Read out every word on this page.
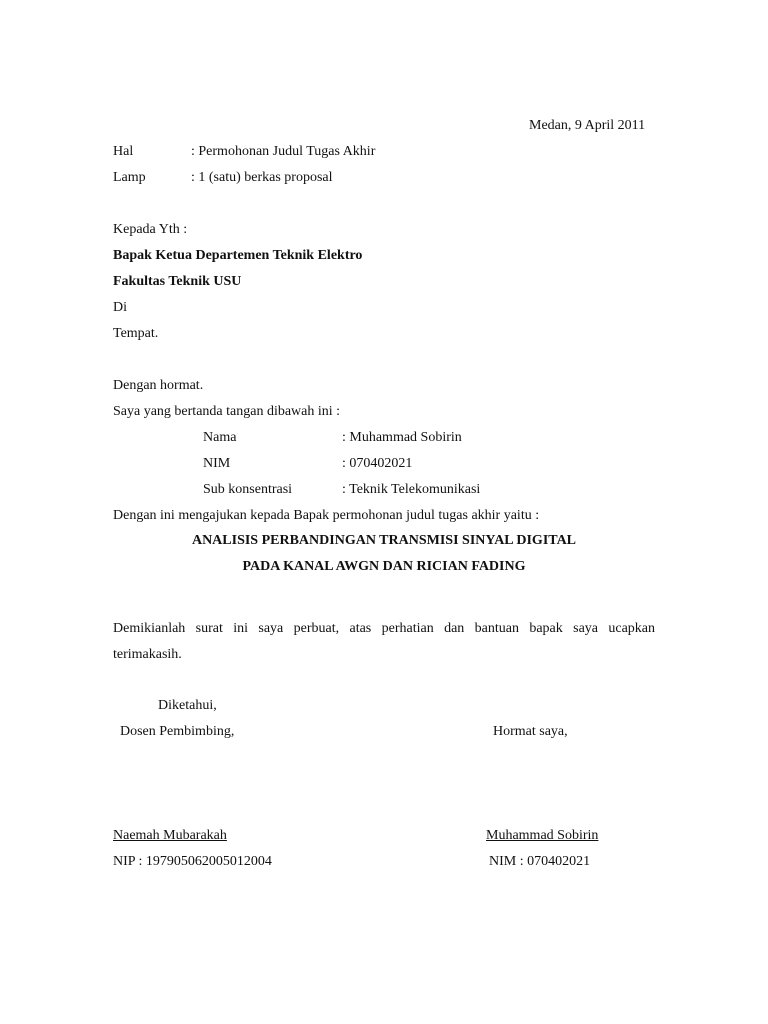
Medan, 9 April 2011
Hal	: Permohonan Judul Tugas Akhir
Lamp	: 1 (satu) berkas proposal
Kepada Yth :
Bapak Ketua Departemen Teknik Elektro
Fakultas Teknik USU
Di
Tempat.
Dengan hormat.
Saya yang bertanda tangan dibawah ini :
Nama	: Muhammad Sobirin
NIM	: 070402021
Sub konsentrasi	: Teknik Telekomunikasi
Dengan ini mengajukan kepada Bapak permohonan judul tugas akhir yaitu :
ANALISIS PERBANDINGAN TRANSMISI SINYAL DIGITAL
PADA KANAL AWGN DAN RICIAN FADING
Demikianlah surat ini saya perbuat, atas perhatian dan bantuan bapak saya ucapkan
terimakasih.
Diketahui,
Dosen Pembimbing,	Hormat saya,
Naemah Mubarakah	Muhammad Sobirin
NIP : 197905062005012004	NIM : 070402021
